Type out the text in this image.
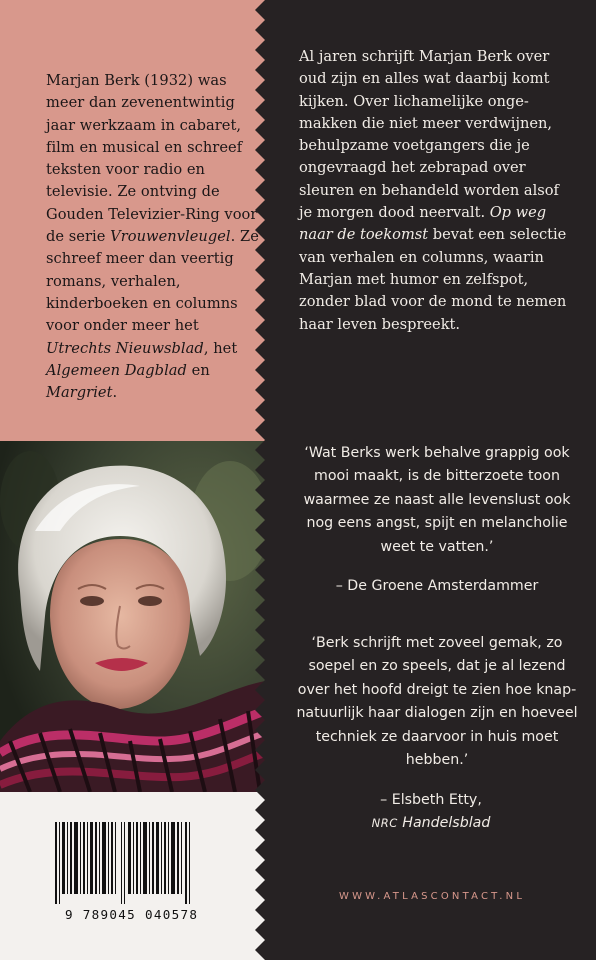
Marjan Berk (1932) was meer dan zevenentwintig jaar werkzaam in cabaret, film en musical en schreef teksten voor radio en televisie. Ze ontving de Gouden Televizier-Ring voor de serie Vrouwenvleugel. Ze schreef meer dan veertig romans, verhalen, kinderboeken en columns voor onder meer het Utrechts Nieuwsblad, het Algemeen Dagblad en Margriet.
9 789045 040578
Al jaren schrijft Marjan Berk over oud zijn en alles wat daarbij komt kijken. Over lichamelijke ongemakken die niet meer verdwijnen, behulpzame voetgangers die je ongevraagd het zebrapad over sleuren en behandeld worden alsof je morgen dood neervalt. Op weg naar de toekomst bevat een selectie van verhalen en columns, waarin Marjan met humor en zelfspot, zonder blad voor de mond te nemen haar leven bespreekt.
‘Wat Berks werk behalve grappig ook mooi maakt, is de bitterzoete toon waarmee ze naast alle levenslust ook nog eens angst, spijt en melancholie weet te vatten.’
– De Groene Amsterdammer
‘Berk schrijft met zoveel gemak, zo soepel en zo speels, dat je al lezend over het hoofd dreigt te zien hoe knap-natuurlijk haar dialogen zijn en hoeveel techniek ze daarvoor in huis moet hebben.’
– Elsbeth Etty,
NRC Handelsblad
WWW.ATLASCONTACT.NL
